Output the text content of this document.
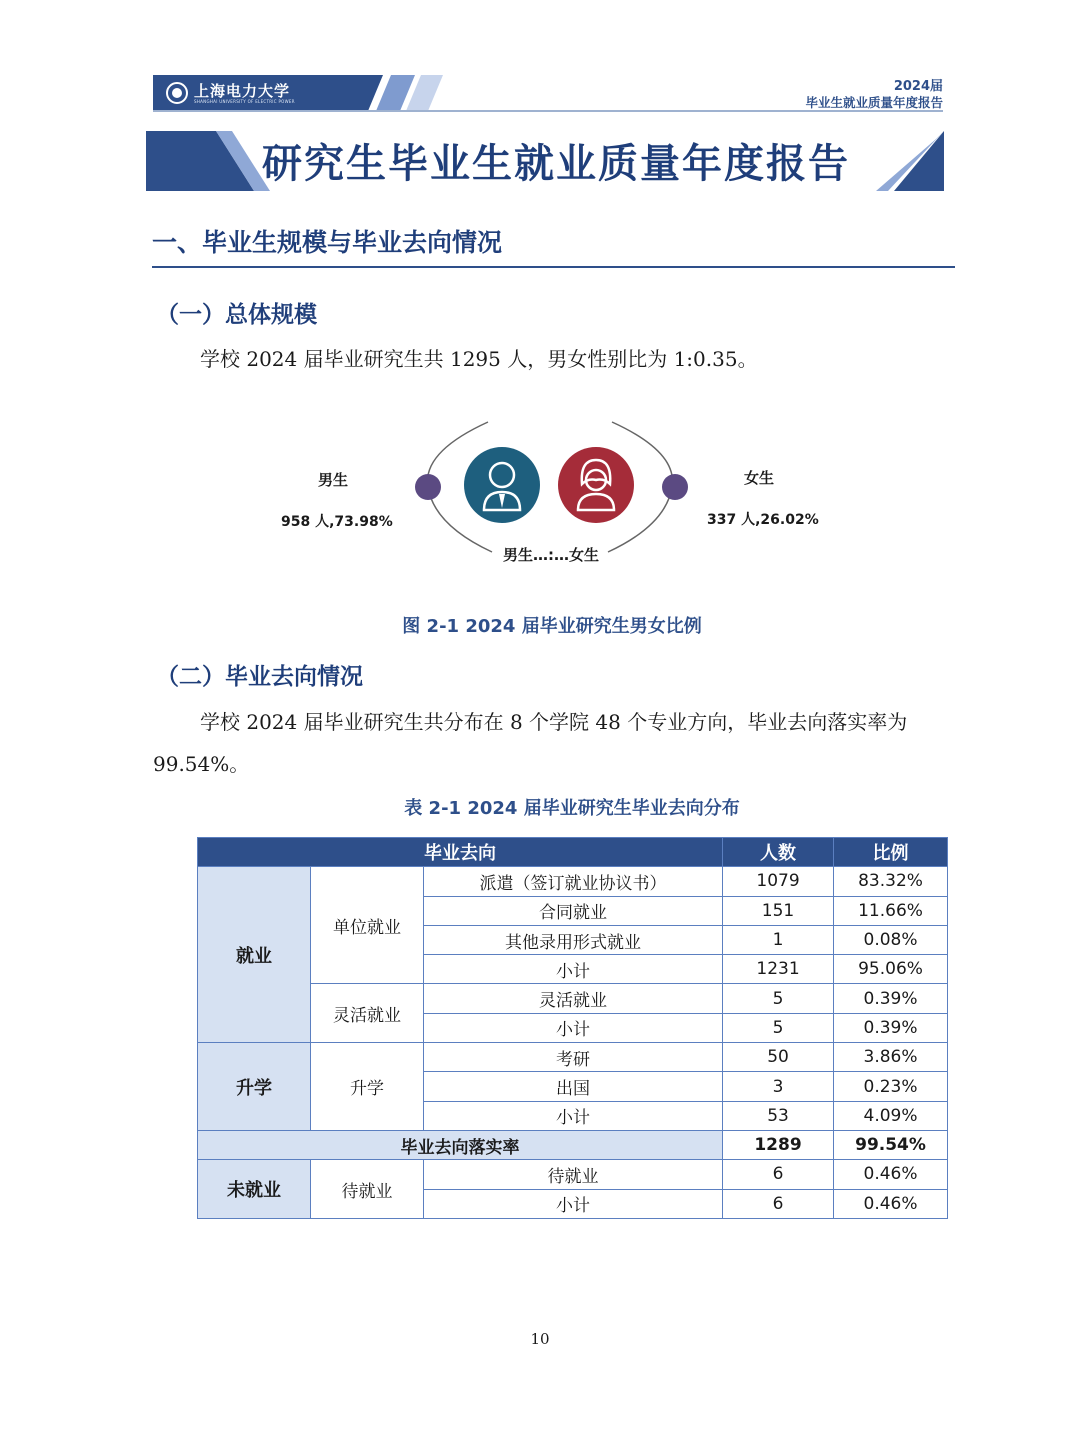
上海电力大学
SHANGHAI UNIVERSITY OF ELECTRIC POWER
2024届
毕业生就业质量年度报告
研究生毕业生就业质量年度报告
一、毕业生规模与毕业去向情况
（一）总体规模
学校 2024 届毕业研究生共 1295 人，男女性别比为 1:0.35。
男生
958 人,73.98%
女生
337 人,26.02%
男生…:…女生
图 2-1 2024 届毕业研究生男女比例
（二）毕业去向情况
学校 2024 届毕业研究生共分布在 8 个学院 48 个专业方向，毕业去向落实率为
99.54%。
表 2-1 2024 届毕业研究生毕业去向分布
毕业去向			人数	比例
就业	单位就业	派遣（签订就业协议书）	1079	83.32%
		合同就业	151	11.66%
		其他录用形式就业	1	0.08%
		小计	1231	95.06%
	灵活就业	灵活就业	5	0.39%
		小计	5	0.39%
升学	升学	考研	50	3.86%
		出国	3	0.23%
		小计	53	4.09%
毕业去向落实率			1289	99.54%
未就业	待就业	待就业	6	0.46%
		小计	6	0.46%
10
